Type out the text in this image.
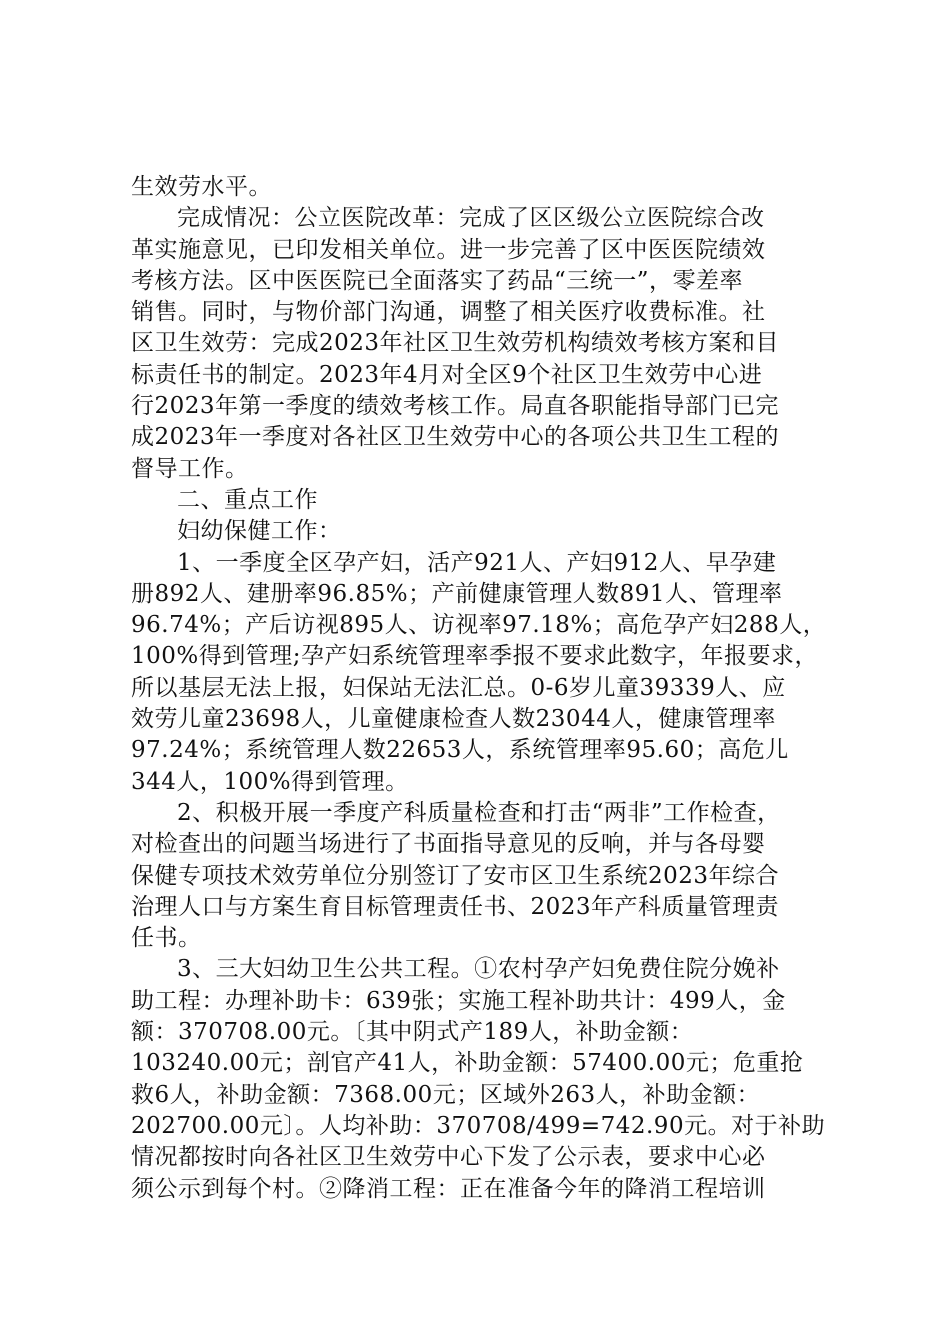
生效劳水平。
完成情况：公立医院改革：完成了区区级公立医院综合改
革实施意见，已印发相关单位。进一步完善了区中医医院绩效
考核方法。区中医医院已全面落实了药品“三统一”，零差率
销售。同时，与物价部门沟通，调整了相关医疗收费标准。社
区卫生效劳：完成2023年社区卫生效劳机构绩效考核方案和目
标责任书的制定。2023年4月对全区9个社区卫生效劳中心进
行2023年第一季度的绩效考核工作。局直各职能指导部门已完
成2023年一季度对各社区卫生效劳中心的各项公共卫生工程的
督导工作。
二、重点工作
妇幼保健工作：
1、一季度全区孕产妇，活产921人、产妇912人、早孕建
册892人、建册率96.85%；产前健康管理人数891人、管理率
96.74%；产后访视895人、访视率97.18%；高危孕产妇288人，
100%得到管理;孕产妇系统管理率季报不要求此数字，年报要求，
所以基层无法上报，妇保站无法汇总。0-6岁儿童39339人、应
效劳儿童23698人，儿童健康检查人数23044人，健康管理率
97.24%；系统管理人数22653人，系统管理率95.60；高危儿
344人，100%得到管理。
2、积极开展一季度产科质量检查和打击“两非”工作检查，
对检查出的问题当场进行了书面指导意见的反响，并与各母婴
保健专项技术效劳单位分别签订了安市区卫生系统2023年综合
治理人口与方案生育目标管理责任书、2023年产科质量管理责
任书。
3、三大妇幼卫生公共工程。①农村孕产妇免费住院分娩补
助工程：办理补助卡：639张；实施工程补助共计：499人，金
额：370708.00元。〔其中阴式产189人，补助金额：
103240.00元；剖官产41人，补助金额：57400.00元；危重抢
救6人，补助金额：7368.00元；区域外263人，补助金额：
202700.00元〕。人均补助：370708/499=742.90元。对于补助
情况都按时向各社区卫生效劳中心下发了公示表，要求中心必
须公示到每个村。②降消工程：正在准备今年的降消工程培训
